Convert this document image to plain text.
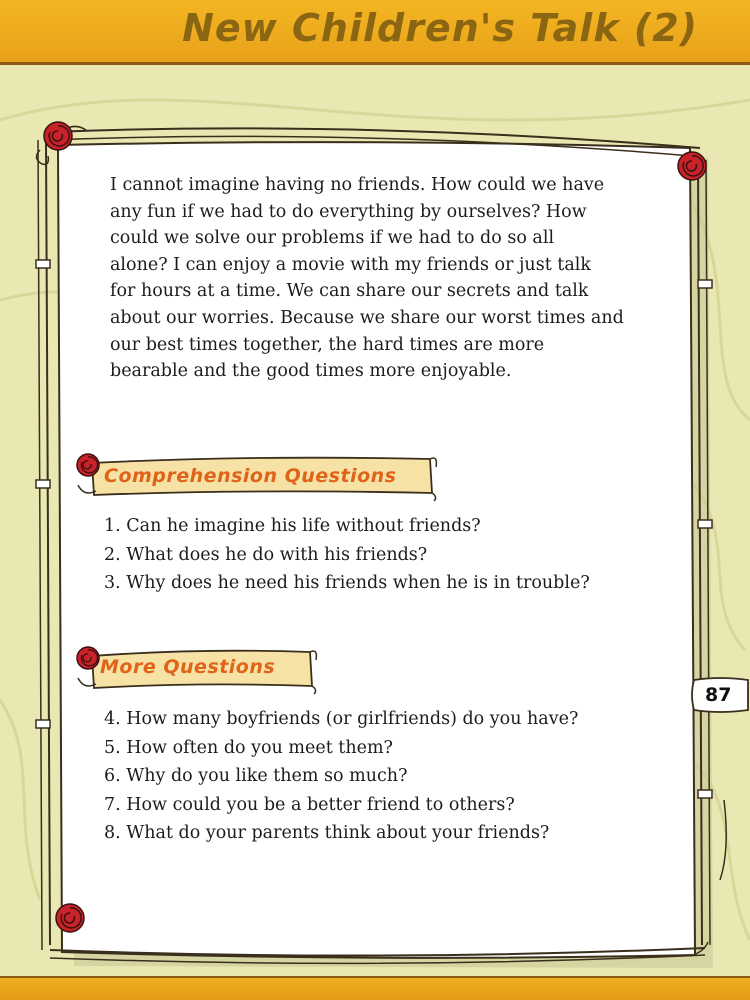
New Children's Talk (2)
I cannot imagine having no friends. How could we have
any fun if we had to do everything by ourselves? How
could we solve our problems if we had to do so all
alone? I can enjoy a movie with my friends or just talk
for hours at a time. We can share our secrets and talk
about our worries. Because we share our worst times and
our best times together, the hard times are more
bearable and the good times more enjoyable.
Comprehension Questions
1. Can he imagine his life without friends?
2. What does he do with his friends?
3. Why does he need his friends when he is in trouble?
More Questions
4. How many boyfriends (or girlfriends) do you have?
5. How often do you meet them?
6. Why do you like them so much?
7. How could you be a better friend to others?
8. What do your parents think about your friends?
87
